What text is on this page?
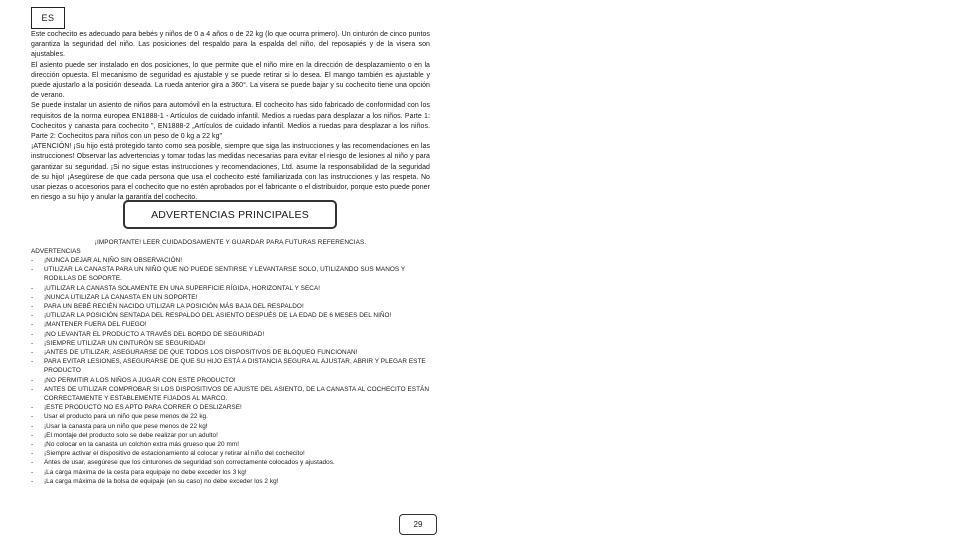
ES

Este cochecito es adecuado para bebés y niños de 0 a 4 años o de 22 kg (lo que ocurra primero). Un cinturón de cinco puntos garantiza la seguridad del niño. Las posiciones del respaldo para la espalda del niño, del reposapiés y de la visera son ajustables.

El asiento puede ser instalado en dos posiciones, lo que permite que el niño mire en la dirección de desplazamiento o en la dirección opuesta. El mecanismo de seguridad es ajustable y se puede retirar si lo desea. El mango también es ajustable y puede ajustarlo a la posición deseada. La rueda anterior gira a 360°. La visera se puede bajar y su cochecito tiene una opción de verano.

Se puede instalar un asiento de niños para automóvil en la estructura. El cochecito has sido fabricado de conformidad con los requisitos de la norma europea EN1888-1 - Artículos de cuidado infantil. Medios a ruedas para desplazar a los niños. Parte 1: Cochecitos y canasta para cochecito ", EN1888-2 „Artículos de cuidado infantil. Medios a ruedas para desplazar a los niños. Parte 2: Cochecitos para niños con un peso de 0 kg a 22 kg"

¡ATENCIÓN! ¡Su hijo está protegido tanto como sea posible, siempre que siga las instrucciones y las recomendaciones en las instrucciones! Observar las advertencias y tomar todas las medidas necesarias para evitar el riesgo de lesiones al niño y para garantizar su seguridad. ¡Si no sigue estas instrucciones y recomendaciones, Ltd. asume la responsabilidad de la seguridad de su hijo! ¡Asegúrese de que cada persona que usa el cochecito esté familiarizada con las instrucciones y las respeta. No usar piezas o accesorios para el cochecito que no estén aprobados por el fabricante o el distribuidor, porque esto puede poner en riesgo a su hijo y anular la garantía del cochecito.

ADVERTENCIAS PRINCIPALES
¡IMPORTANTE! LEER CUIDADOSAMENTE Y GUARDAR PARA FUTURAS REFERENCIAS.
ADVERTENCIAS
- ¡NUNCA DEJAR AL NIÑO SIN OBSERVACIÓN!
- UTILIZAR LA CANASTA PARA UN NIÑO QUE NO PUEDE SENTIRSE Y LEVANTARSE SOLO, UTILIZANDO SUS MANOS Y RODILLAS DE SOPORTE.
- ¡UTILIZAR LA CANASTA SOLAMENTE EN UNA SUPERFICIE RÍGIDA, HORIZONTAL Y SECA!
- ¡NUNCA UTILIZAR LA CANASTA EN UN SOPORTE!
- PARA UN BEBÉ RECIÉN NACIDO UTILIZAR LA POSICIÓN MÁS BAJA DEL RESPALDO!
- ¡UTILIZAR LA POSICIÓN SENTADA DEL RESPALDO DEL ASIENTO DESPUÉS DE LA EDAD DE 6 MESES DEL NIÑO!
- ¡MANTENER FUERA DEL FUEGO!
- ¡NO LEVANTAR EL PRODUCTO A TRAVÉS DEL BORDO DE SEGURIDAD!
- ¡SIEMPRE UTILIZAR UN CINTURÓN SE SEGURIDAD!
- ¡ANTES DE UTILIZAR, ASEGURARSE DE QUE TODOS LOS DISPOSITIVOS DE BLOQUEO FUNCIONAN!
- PARA EVITAR LESIONES, ASEGURARSE DE QUE SU HIJO ESTÁ A DISTANCIA SEGURA AL AJUSTAR, ABRIR Y PLEGAR ESTE PRODUCTO
- ¡NO PERMITIR A LOS NIÑOS A JUGAR CON ESTE PRODUCTO!
- ANTES DE UTILIZAR COMPROBAR SI LOS DISPOSITIVOS DE AJUSTE DEL ASIENTO, DE LA CANASTA AL COCHECITO ESTÁN CORRECTAMENTE Y ESTABLEMENTE FIJADOS AL MARCO.
- ¡ESTE PRODUCTO NO ES APTO PARA CORRER O DESLIZARSE!
- Usar el producto para un niño que pese menos de 22 kg.
- ¡Usar la canasta para un niño que pese menos de 22 kg!
- ¡El montaje del producto solo se debe realizar por un adulto!
- ¡No colocar en la canasta un colchón extra más grueso que 20 mm!
- ¡Siempre activar el dispositivo de estacionamiento al colocar y retirar al niño del cochecito!
- Antes de usar, asegúrese que los cinturones de seguridad son correctamente colocados y ajustados.
- ¡La carga máxima de la cesta para equipaje no debe exceder los 3 kg!
- ¡La carga máxima de la bolsa de equipaje (en su caso) no debe exceder los 2 kg!
29
